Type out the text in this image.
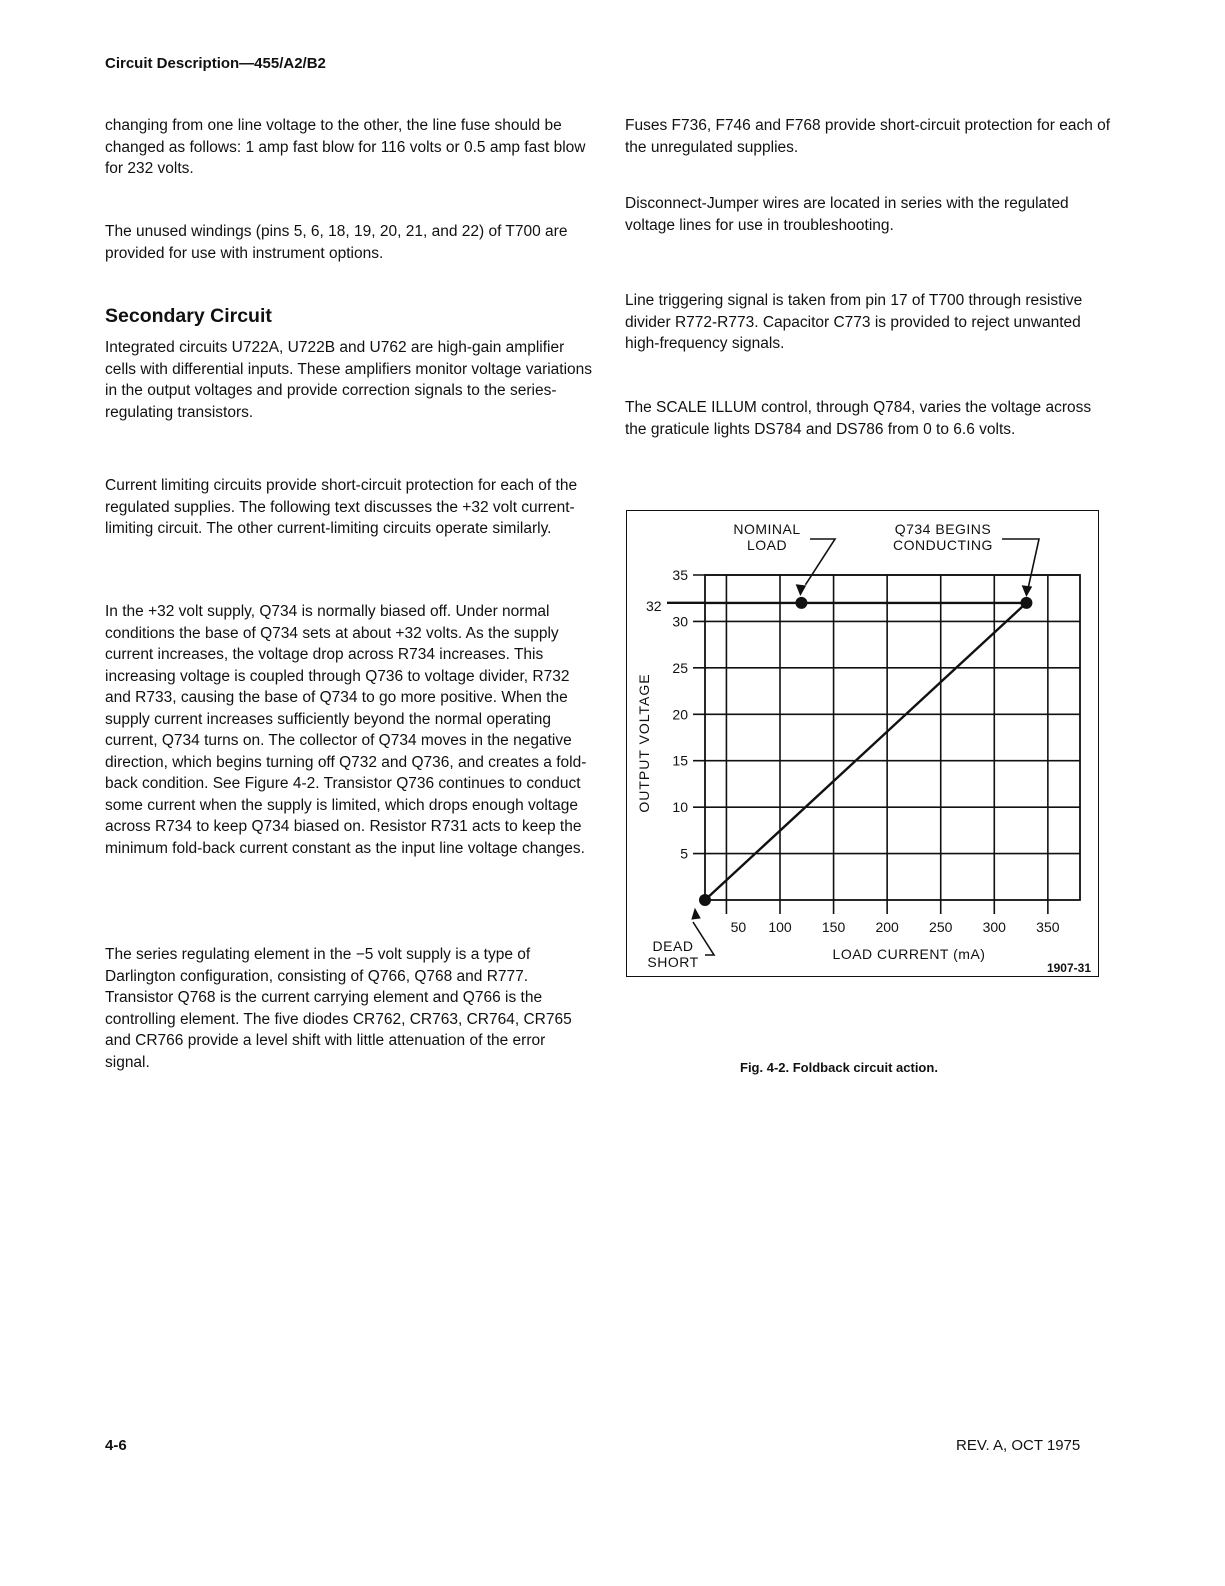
Circuit Description—455/A2/B2

changing from one line voltage to the other, the line fuse should be changed as follows: 1 amp fast blow for 116 volts or 0.5 amp fast blow for 232 volts.

The unused windings (pins 5, 6, 18, 19, 20, 21, and 22) of T700 are provided for use with instrument options.

Secondary Circuit

Integrated circuits U722A, U722B and U762 are high-gain amplifier cells with differential inputs. These amplifiers monitor voltage variations in the output voltages and provide correction signals to the series-regulating transistors.

Current limiting circuits provide short-circuit protection for each of the regulated supplies. The following text discusses the +32 volt current-limiting circuit. The other current-limiting circuits operate similarly.

In the +32 volt supply, Q734 is normally biased off. Under normal conditions the base of Q734 sets at about +32 volts. As the supply current increases, the voltage drop across R734 increases. This increasing voltage is coupled through Q736 to voltage divider, R732 and R733, causing the base of Q734 to go more positive. When the supply current increases sufficiently beyond the normal operating current, Q734 turns on. The collector of Q734 moves in the negative direction, which begins turning off Q732 and Q736, and creates a fold-back condition. See Figure 4-2. Transistor Q736 continues to conduct some current when the supply is limited, which drops enough voltage across R734 to keep Q734 biased on. Resistor R731 acts to keep the minimum fold-back current constant as the input line voltage changes.

The series regulating element in the −5 volt supply is a type of Darlington configuration, consisting of Q766, Q768 and R777. Transistor Q768 is the current carrying element and Q766 is the controlling element. The five diodes CR762, CR763, CR764, CR765 and CR766 provide a level shift with little attenuation of the error signal.

Fuses F736, F746 and F768 provide short-circuit protection for each of the unregulated supplies.

Disconnect-Jumper wires are located in series with the regulated voltage lines for use in troubleshooting.

Line triggering signal is taken from pin 17 of T700 through resistive divider R772-R773. Capacitor C773 is provided to reject unwanted high-frequency signals.

The SCALE ILLUM control, through Q784, varies the voltage across the graticule lights DS784 and DS786 from 0 to 6.6 volts.

50 100 150 200 250 300 350
35
30
25
20
15
10
5
OUTPUT VOLTAGE
LOAD CURRENT (mA)
32
NOMINAL
LOAD
Q734 BEGINS
CONDUCTING
DEAD
SHORT	1907-31
Fig. 4-2. Foldback circuit action.
4-6	REV. A, OCT 1975
